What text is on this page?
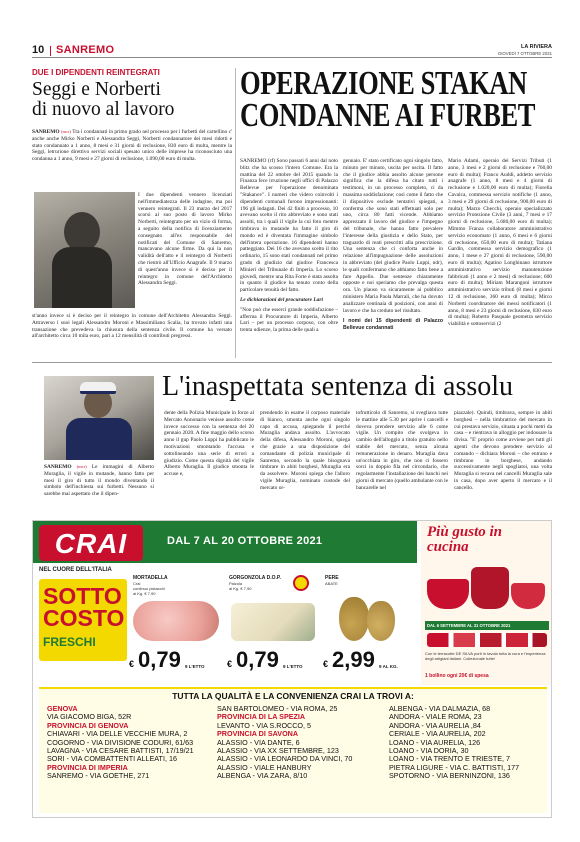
10 SANREMO	LA RIVIERA
GIOVEDÌ 7 OTTOBRE 2021
DUE I DIPENDENTI REINTEGRATI
Seggi e Norberti
di nuovo al lavoro
SANREMO (mcr) Tra i condannati in primo grado nel processo per i furbetti del cartellino c' anche anche Mirko Norberti e Alessandra Seggi, Norberti condannatore dei mesi ridotti e stato condannato a 1 anno, 8 mesi e 31 giorni di reclusione, 830 euro di multa, mentre la Seggi, letrurione direttivo servizi sociali spesato unico delle imprese ha riconosciuto una condanna a 1 anno, 9 mesi e 27 giorni di reclusione, 1.090,00 euro di multa.
I due dipendenti vennero licenziati nell'immediatezza delle indagine, ma poi vennero reintegrati. Il 23 marzo del 2017 scorsi al suo posto di lavoro Mirko Norberti, reintegrato per un vizio di forma, a seguito della notifica di licenziamento consegnato all'ex responsabile del notificati del Comune di Sanremo, mancavano alcune firme. Da qui la non validità dell'atto e il reintegro di Norberti che rientrò all'Ufficio Anagrafe. Il 9 marzo di quest'anno invece si è deciso per il reintegro in comune dell'Architetto Alessandra Seggi.
st'anno invece si è deciso per il reintegro in comune dell'Architetto Alessandra Seggi. Attraverso i suoi legali Alessandro Moroni e Massimiliano Scalia, ha trovato infatti una transazione che prevedeva la chiusura della sentenza civile. Il comune ha versato all'architetto circa 10 mila euro, pari a 12 mensilità di contributi pregressi.
OPERAZIONE STAKAN
CONDANNE AI FURBET
SANREMO (rf) Sono passati 6 anni dal noto blitz che ha scosso l'intero Comune. Era la mattina del 22 ottobre del 2015 quando la Finanza fece irruzione negli uffici di Palazzo Bellevue per l'operazione denominata "Stakanov". I numeri che videro coinvolti i dipendenti comunali furono impressionanti: 196 gli indagati. Dei 42 finiti a processo, 10 avevano scelto il rito abbreviato e sono stati assolti, tra i quali il vigile la cui foto mentre timbrava in mutande ha fatto il giro di mondo ed è diventata l'immagine simbolo dell'intera operazione. 16 dipendenti hanno patteggiato. Dei 16 che avevano scelto il rito ordinario, 15 sono stati condannati nel primo grado di giudizio dal giudice Francesca Minieri del Tribunale di Imperia. Lo scorso giovedì, mentre una Rita Forte è stata assolta in quanto il giudice ha tenuto conto della particolare tenuità del fatto.
Le dichiarazioni del procuratore Lari
"Non può che esserci grande soddisfazione – afferma il Procuratore di Imperia, Alberto Lari – per un processo corposo, con oltre trenta udienze, la prima delle quali a
gennaio. E' stato certificato ogni singolo fatto, minuto per minuto, uscita per uscita. Il fatto che il giudice abbia assolto alcune persone significa che la difesa ha citato tutti i testimoni, in un processo completo, ci da massima soddisfazione; così come il fatto che il dispositivo esclude tentativi spiegati, a conferma che sono stati effettuati solo per uno, circa 80 fatti vicende. Abbiamo apprezzato il lavoro del giudice e l'impegno del tribunale, che hanno fatto prevalere l'interesse della giustizia e dello Stato, per traguardo di reati prescritti alla prescrizione. Una sentenza che ci conforta anche in relazione all'impugnazione delle assoluzioni in abbreviato (del giudice Paolo Luppi, ndr), le quali confermano che abbiamo fatto bene a fare Appello. Due sentenze chiaramente opposte e noi speriamo che prevalga questa ora. Un plauso va sicuramente ai pubblico ministero Maria Paola Marrali, che ha dovuto analizzare centinaia di posizioni, con anni di lavoro e che ha creduto nel risultato.
I nomi dei 15 dipendenti di Palazzo Bellevue condannati
Mario Adami, operaio dei Servizi Tributi (1 anno, 3 mesi e 2 giorni di reclusione e 760,00 euro di multa); Franco Auddi, addetto servizio anagrafe (1 anno, 8 mesi e 4 giorni di reclusione e 1.020,00 euro di multa); Fiorella Cavalca, commessa servizio notifiche (1 anno, 3 mesi e 29 giorni di reclusione, 900,00 euro di multa); Marzo Checchi, operaio specializzato servizio Protezione Civile (3 anni, 7 mesi e 17 giorni di reclusione, 5.680,00 euro di multa); Mimmo Franza collaboratore amministrativo servizio economato (1 anno, 6 mesi e 6 giorni di reclusione, 650,00 euro di multa); Tatiana Gardin, commessa servizio demografico (1 anno, 1 mese e 27 giorni di reclusione, 590,00 euro di multa); Agatino Longhinano istruttore amministrativo servizio manutenzione fabbricati (1 anno e 2 mesi) di reclusione; 600 euro di multa); Miriam Marangoni istruttore amministrativo servizio tributi (8 mesi e giorni 12 di reclusione, 360 euro di multa); Mirco Norberti coordinatore dei messi notificatori (1 anno, 8 mesi e 23 giorni di reclusione, 830 euro di multa); Roberto Pasquale geometra servizio viabilità e sottoservizi (2
SANREMO (mcr) Le immagini di Alberto Muraglia, il vigile in mutande, hanno fatto per mesi il giro di tutto il mondo diventando il simbolo dell'inchiesta sui furbetti. Nessuno si sarebbe mai aspettato che il dipen-
L'inaspettata sentenza di assolu
dente della Polizia Municipale in forze al Mercato Annonario venisse assolto come invece successo con la sentenza del 20 gennaio 2020. A fine maggio dello scorso anno il gup Paolo Luppi ha pubblicato le motivazioni smontando l'accusa e sottolineando una serie di errori a giudizio. Come questa dignità del vigile Alberto Muraglia. Il giudice smonta le accuse e,
prendendo in esame il corposo materiale di bianco, smonta anche ogni singolo capo di accusa, spiegando il perché Muraglia andava assolto. L'avvocato della difesa, Alessandro Moroni, spiega che grazie a una disposizione del comandante di polizia municipale di Sanremo, secondo la quale bisognava timbrare in abiti borghesi, Muraglia era da assolvere. Moroni spiega che l'alloro vigile Muraglia, nominato custode del mercato or-
tofrutticolo di Sanremo, si svegliava tutte le mattine alle 5.30 per aprire i cancelli e doveva prendere servizio alle 6 come vigile. Un compito che svolgeva in cambio dell'alloggio a titolo gratuito nello stabile del mercato, senza alcuna remunerazione in denaro. Muraglia dava un'occhiata in giro, che non ci fossero sorci in doppio fila nel circondario, che regolarmente l'installazione dei banchi nei giorni di mercato (quello ambulante con le bancarelle nel
piazzale). Quindi, timbrava, sempre in abiti borghesi – nella timbratrice del mercato in cui prestava servizio, situata a pochi metri da casa – e rientrava in alloggio per indossare la divisa. "E' proprio come avviene per tutti gli agenti che devono prendere servizio al comando – dichiara Moroni – che entrano e timbrano in borghese, andando successivamente negli spogliatoi, una volta Muraglia si recava nel cancelli Muraglia sale in casa, dopo aver aperto il mercato e il cancello.
CRAI	DAL 7 AL 20 OTTOBRE 2021
NEL CUORE DELL'ITALIA
SOTTO
COSTO
FRESCHI
MORTADELLA
Crai
continuo pistacchi
al Kg. € 7,90
€ 0,79 9 L'ETTO
GORGONZOLA D.O.P.
Palzola
al Kg. € 7,90
€ 0,79 9 L'ETTO
PERE
ABATE
€ 2,99 9 AL KG.
Più gusto in cucina
DAL 6 SETTEMBRE AL 31 OTTOBRE 2021
Con le terracotte DE SILVA porti in tavola tutta la cura e l'esperienza degli artigiani italiani. Collezionale tutte!
1 bollino ogni 20€ di spesa
TUTTA LA QUALITÀ E LA CONVENIENZA CRAI LA TROVI A:
GENOVA
VIA GIACOMO BIGA, 52R
PROVINCIA DI GENOVA
CHIAVARI - VIA DELLE VECCHIE MURA, 2
COGORNO - VIA DIVISIONE CODURI, 61/63
LAVAGNA - VIA CESARE BATTISTI, 17/19/21
SORI - VIA COMBATTENTI ALLEATI, 16
PROVINCIA DI IMPERIA
SANREMO - VIA GOETHE, 271
SAN BARTOLOMEO - VIA ROMA, 25
PROVINCIA DI LA SPEZIA
LEVANTO - VIA S.ROCCO, 5
PROVINCIA DI SAVONA
ALASSIO - VIA DANTE, 6
ALASSIO - VIA XX SETTEMBRE, 123
ALASSIO - VIA LEONARDO DA VINCI, 70
ALASSIO - VIALE HANBURY
ALBENGA - VIA ZARA, 8/10
ALBENGA - VIA DALMAZIA, 68
ANDORA - VIALE ROMA, 23
ANDORA - VIA AURELIA ,84
CERIALE - VIA AURELIA, 202
LOANO - VIA AURELIA, 126
LOANO - VIA DORIA, 30
LOANO - VIA TRENTO E TRIESTE, 7
PIETRA LIGURE - VIA C. BATTISTI, 177
SPOTORNO - VIA BERNINZONI, 136
